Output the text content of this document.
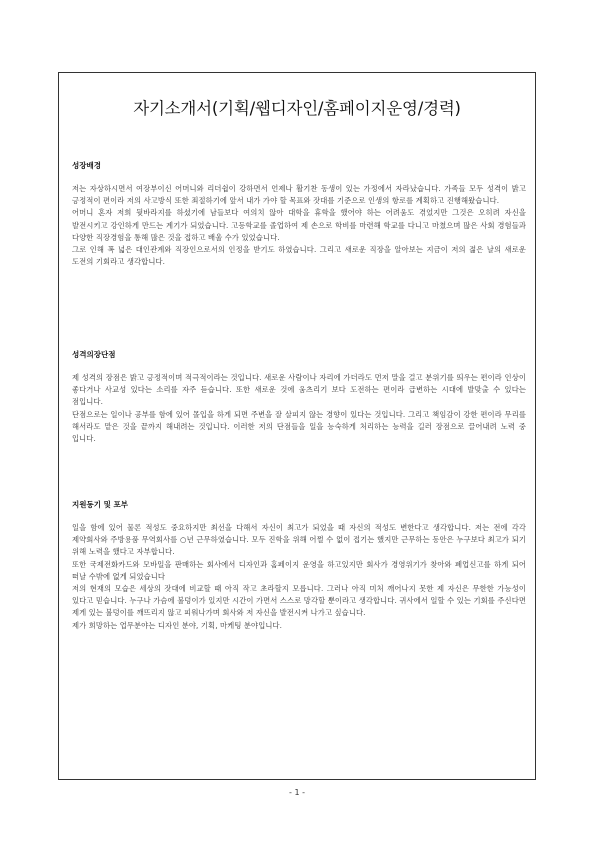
자기소개서(기획/웹디자인/홈페이지운영/경력)

성장배경

저는 자상하시면서 여장부이신 어머니와 리더쉽이 강하면서 언제나 활기찬 동생이 있는 가정에서 자라났습니다. 가족들 모두 성격이 밝고 긍정적이 편이라 저의 사고방식 또한 죄절하기에 앞서 내가 가야 할 목표와 잣대를 기준으로 인생의 항로를 계획하고 진행해왔습니다.

어머니 혼자 저희 뒷바라지를 하셨기에 남들보다 여의치 않아 대학을 휴학을 했어야 하는 어려움도 겪었지만 그것은 오히려 자신을 발전시키고 강인하게 만드는 계기가 되었습니다. 고등학교를 졸업하여 제 손으로 학비를 마련해 학교를 다니고 마쳤으며 많은 사회 경험들과 다양한 직장경험을 통해 많은 것을 접하고 배울 수가 있었습니다.

그로 인해 폭 넓은 대인관계와 직장인으로서의 인정을 받기도 하였습니다. 그리고 새로운 직장을 알아보는 지금이 저의 젊은 날의 새로운 도전의 기회라고 생각합니다.

성격의장단점

제 성격의 장점은 밝고 긍정적이며 적극적이라는 것입니다. 새로운 사람이나 자리에 가더라도 먼저 말을 걸고 분위기를 띄우는 편이라 인상이 좋다거나 사교성 있다는 소리를 자주 듣습니다. 또한 새로운 것에 움츠리기 보다 도전하는 편이라 급변하는 시대에 발맞출 수 있다는 점입니다.

단점으로는 일이나 공부를 함에 있어 몰입을 하게 되면 주변을 잘 살피지 않는 경향이 있다는 것입니다. 그리고 책임감이 강한 편이라 무리를 해서라도 맡은 것을 끝까지 해내려는 것입니다. 이러한 저의 단점들을 일을 능숙하게 처리하는 능력을 길러 장점으로 끌어내려 노력 중 입니다.

지원동기 및 포부

일을 함에 있어 물론 적성도 중요하지만 최선을 다해서 자신이 최고가 되었을 때 자신의 적성도 변한다고 생각합니다. 저는 전에 각각 제약회사와 주방용품 무역회사를 ○년 근무하였습니다. 모두 진학을 위해 어쩔 수 없이 접기는 했지만 근무하는 동안은 누구보다 최고가 되기 위해 노력을 했다고 자부합니다.

또한 국제전화카드와 모바일을 판매하는 회사에서 디자인과 홈페이지 운영을 하고있지만 회사가 경영위기가 찾아와 폐업신고를 하게 되어 떠날 수밖에 없게 되었습니다

저의 현재의 모습은 세상의 잣대에 비교할 때 아직 작고 초라할지 모릅니다. 그러나 아직 미처 깨어나지 못한 제 자신은 무한한 가능성이 있다고 믿습니다. 누구나 가슴에 불덩이가 있지만 시간이 가면서 스스로 망각할 뿐이라고 생각합니다. 귀사에서 일할 수 있는 기회를 주신다면 제게 있는 불덩이를 깨뜨리지 않고 피워나가며 회사와 저 자신을 발전시켜 나가고 싶습니다.

제가 희망하는 업무분야는 디자인 분야, 기획, 마케팅 분야입니다.

- 1 -
